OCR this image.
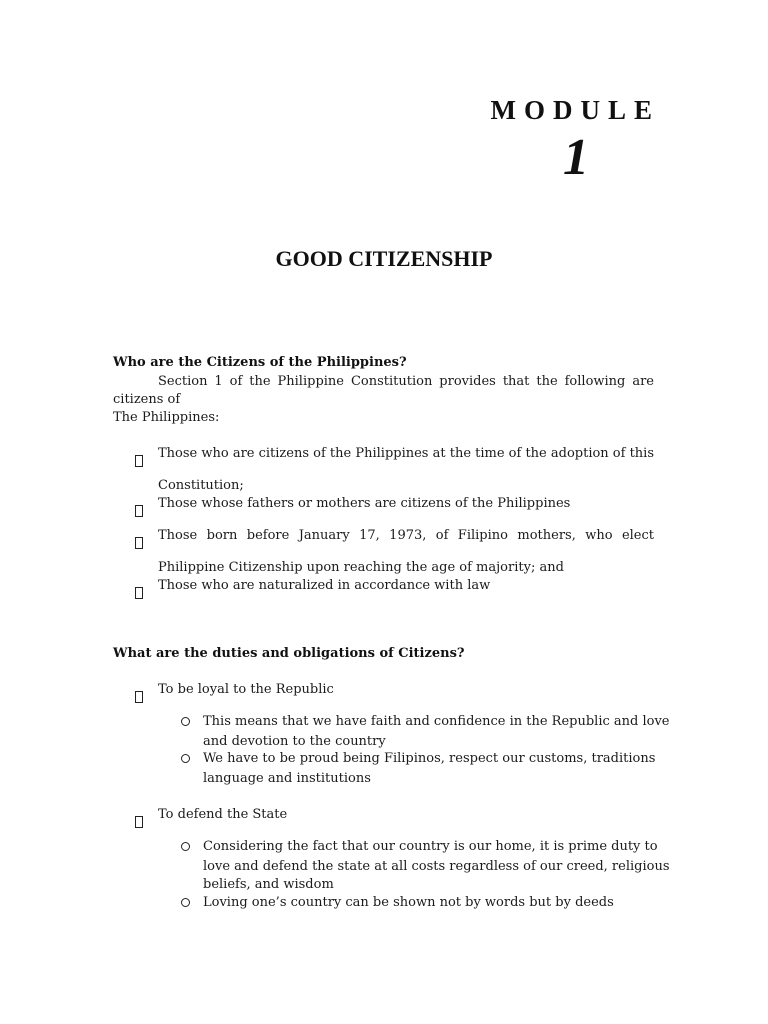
MODULE
1
GOOD CITIZENSHIP
Who are the Citizens of the Philippines?
Section 1 of the Philippine Constitution provides that the following are
citizens of
The Philippines:
Those who are citizens of the Philippines at the time of the adoption of this
Constitution;
Those whose fathers or mothers are citizens of the Philippines
Those born before January 17, 1973, of Filipino mothers, who elect
Philippine Citizenship upon reaching the age of majority; and
Those who are naturalized in accordance with law
What are the duties and obligations of Citizens?
To be loyal to the Republic
This means that we have faith and confidence in the Republic and love
and devotion to the country
We have to be proud being Filipinos, respect our customs, traditions
language and institutions
To defend the State
Considering the fact that our country is our home, it is prime duty to
love and defend the state at all costs regardless of our creed, religious
beliefs, and wisdom
Loving one’s country can be shown not by words but by deeds
